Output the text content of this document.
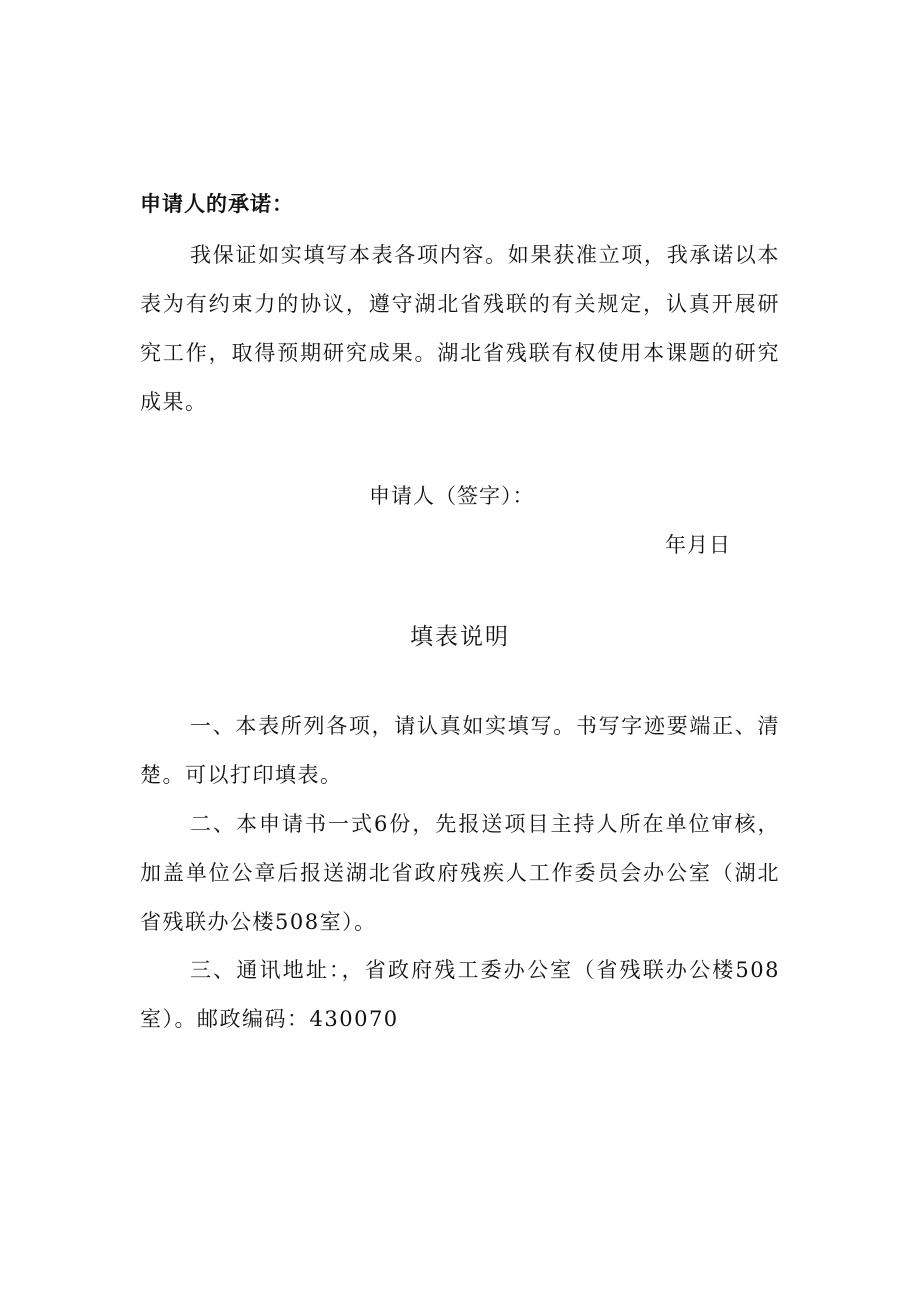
申请人的承诺：

我保证如实填写本表各项内容。如果获准立项，我承诺以本表为有约束力的协议，遵守湖北省残联的有关规定，认真开展研究工作，取得预期研究成果。湖北省残联有权使用本课题的研究成果。

申请人（签字）：
年月日
填表说明

一、本表所列各项，请认真如实填写。书写字迹要端正、清楚。可以打印填表。

二、本申请书一式6份，先报送项目主持人所在单位审核，加盖单位公章后报送湖北省政府残疾人工作委员会办公室（湖北省残联办公楼508室）。

三、通讯地址：，省政府残工委办公室（省残联办公楼508室）。邮政编码：430070
